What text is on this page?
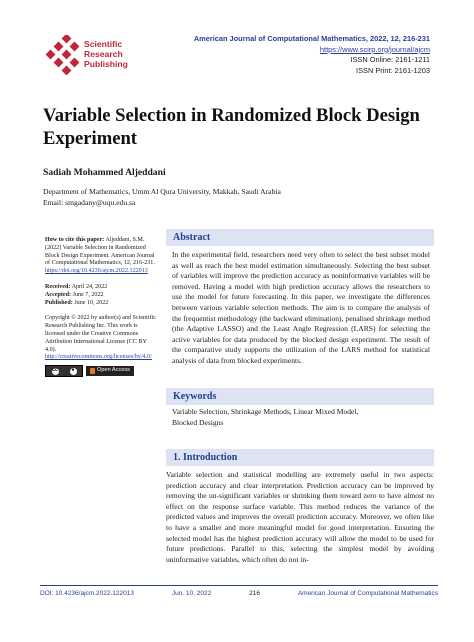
Scientific
Research
Publishing
American Journal of Computational Mathematics, 2022, 12, 216-231
https://www.scirp.org/journal/ajcm
ISSN Online: 2161-1211
ISSN Print: 2161-1203
Variable Selection in Randomized Block Design Experiment
Sadiah Mohammed Aljeddani
Department of Mathematics, Umm Al Qura University, Makkah, Saudi Arabia
Email: smgadany@uqu.edu.sa

How to cite this paper: Aljeddani, S.M. (2022) Variable Selection in Randomized Block Design Experiment. American Journal of Computational Mathematics, 12, 216-231.

https://doi.org/10.4236/ajcm.2022.122013

Received: April 24, 2022

Accepted: June 7, 2022

Published: June 10, 2022

Copyright © 2022 by author(s) and Scientific Research Publishing Inc. This work is licensed under the Creative Commons Attribution International License (CC BY 4.0).

http://creativecommons.org/licenses/by/4.0/

cc	●	Open Access
Abstract
In the experimental field, researchers need very often to select the best subset model as well as reach the best model estimation simultaneously. Selecting the best subset of variables will improve the prediction accuracy as noninformative variables will be removed. Having a model with high prediction accuracy allows the researchers to use the model for future forecasting. In this paper, we investigate the differences between various variable selection methods. The aim is to compare the analysis of the frequentist methodology (the backward elimination), penalised shrinkage method (the Adaptive LASSO) and the Least Angle Regression (LARS) for selecting the active variables for data produced by the blocked design experiment. The result of the comparative study supports the utilization of the LARS method for statistical analysis of data from blocked experiments.
Keywords
Variable Selection, Shrinkage Methods, Linear Mixed Model,
Blocked Designs
1. Introduction
Variable selection and statistical modelling are extremely useful in two aspects: prediction accuracy and clear interpretation. Prediction accuracy can be improved by removing the un-significant variables or shrinking them toward zero to have almost no effect on the response surface variable. This method reduces the variance of the predicted values and improves the overall prediction accuracy. Moreover, we often like to have a smaller and more meaningful model for good interpretation. Ensuring the selected model has the highest prediction accuracy will allow the model to be used for future predictions. Parallel to this, selecting the simplest model by avoiding uninformative variables, which often do not in-
DOI: 10.4236/ajcm.2022.122013	Jun. 10, 2022	216	American Journal of Computational Mathematics
